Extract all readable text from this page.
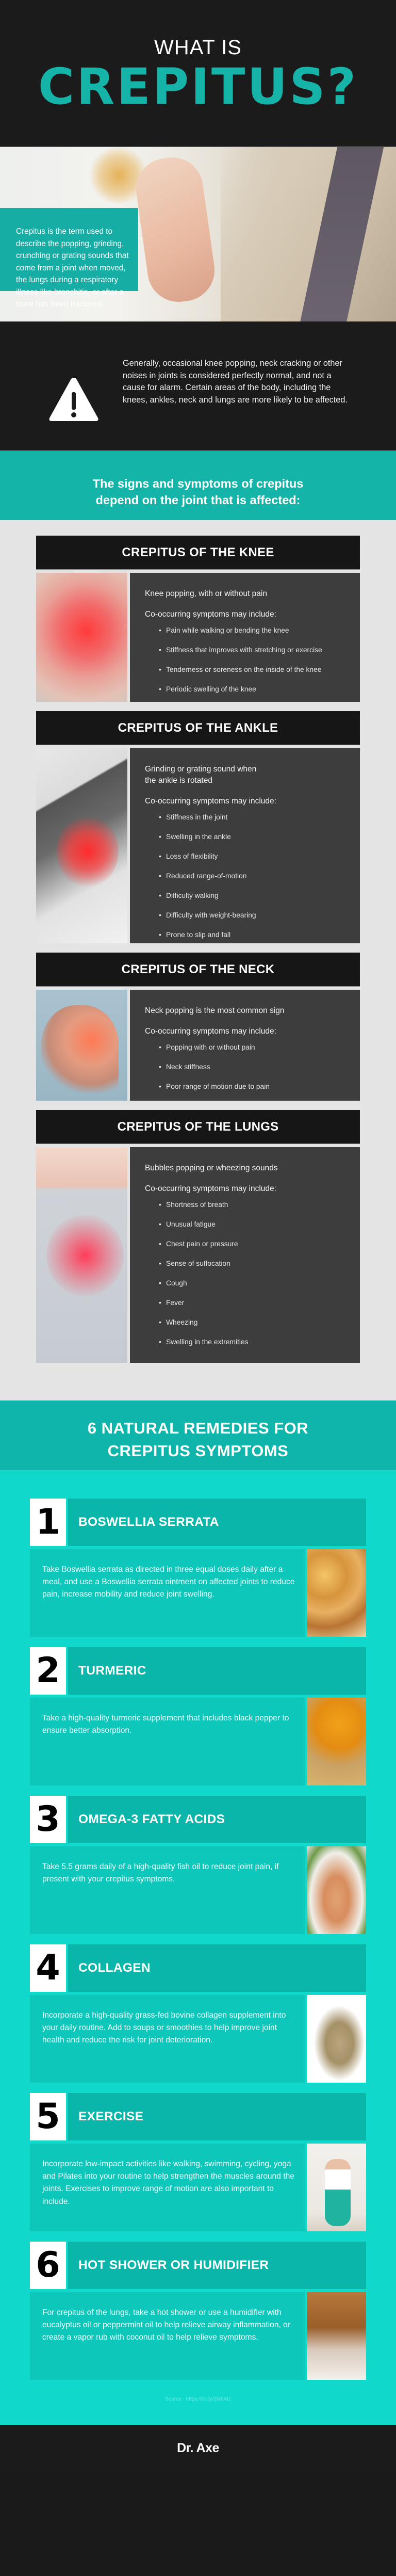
WHAT IS
CREPITUS?

Crepitus is the term used to describe the popping, grinding, crunching or grating sounds that come from a joint when moved, the lungs during a respiratory illness like bronchitis, or after a bone has been fractured.

Generally, occasional knee popping, neck cracking or other noises in joints is considered perfectly normal, and not a cause for alarm. Certain areas of the body, including the knees, ankles, neck and lungs are more likely to be affected.

The signs and symptoms of crepitus
depend on the joint that is affected:
CREPITUS OF THE KNEE
Knee popping, with or without pain
Co-occurring symptoms may include:
• Pain while walking or bending the knee
• Stiffness that improves with stretching or exercise
• Tenderness or soreness on the inside of the knee
• Periodic swelling of the knee
CREPITUS OF THE ANKLE
Grinding or grating sound when the ankle is rotated
Co-occurring symptoms may include:
• Stiffness in the joint
• Swelling in the ankle
• Loss of flexibility
• Reduced range-of-motion
• Difficulty walking
• Difficulty with weight-bearing
• Prone to slip and fall
CREPITUS OF THE NECK
Neck popping is the most common sign
Co-occurring symptoms may include:
• Popping with or without pain
• Neck stiffness
• Poor range of motion due to pain
CREPITUS OF THE LUNGS
Bubbles popping or wheezing sounds
Co-occurring symptoms may include:
• Shortness of breath
• Unusual fatigue
• Chest pain or pressure
• Sense of suffocation
• Cough
• Fever
• Wheezing
• Swelling in the extremities
6 NATURAL REMEDIES FOR
CREPITUS SYMPTOMS
1	BOSWELLIA SERRATA
Take Boswellia serrata as directed in three equal doses daily after a meal, and use a Boswellia serrata ointment on affected joints to reduce pain, increase mobility and reduce joint swelling.
2	TURMERIC
Take a high-quality turmeric supplement that includes black pepper to ensure better absorption.
3	OMEGA-3 FATTY ACIDS
Take 5.5 grams daily of a high-quality fish oil to reduce joint pain, if present with your crepitus symptoms.
4	COLLAGEN
Incorporate a high-quality grass-fed bovine collagen supplement into your daily routine. Add to soups or smoothies to help improve joint health and reduce the risk for joint deterioration.
5	EXERCISE
Incorporate low-impact activities like walking, swimming, cycling, yoga and Pilates into your routine to help strengthen the muscles around the joints. Exercises to improve range of motion are also important to include.
6	HOT SHOWER OR HUMIDIFIER
For crepitus of the lungs, take a hot shower or use a humidifier with eucalyptus oil or peppermint oil to help relieve airway inflammation, or create a vapor rub with coconut oil to help relieve symptoms.
Source - https://bit.ly/2M6Afz
Dr. Axe
